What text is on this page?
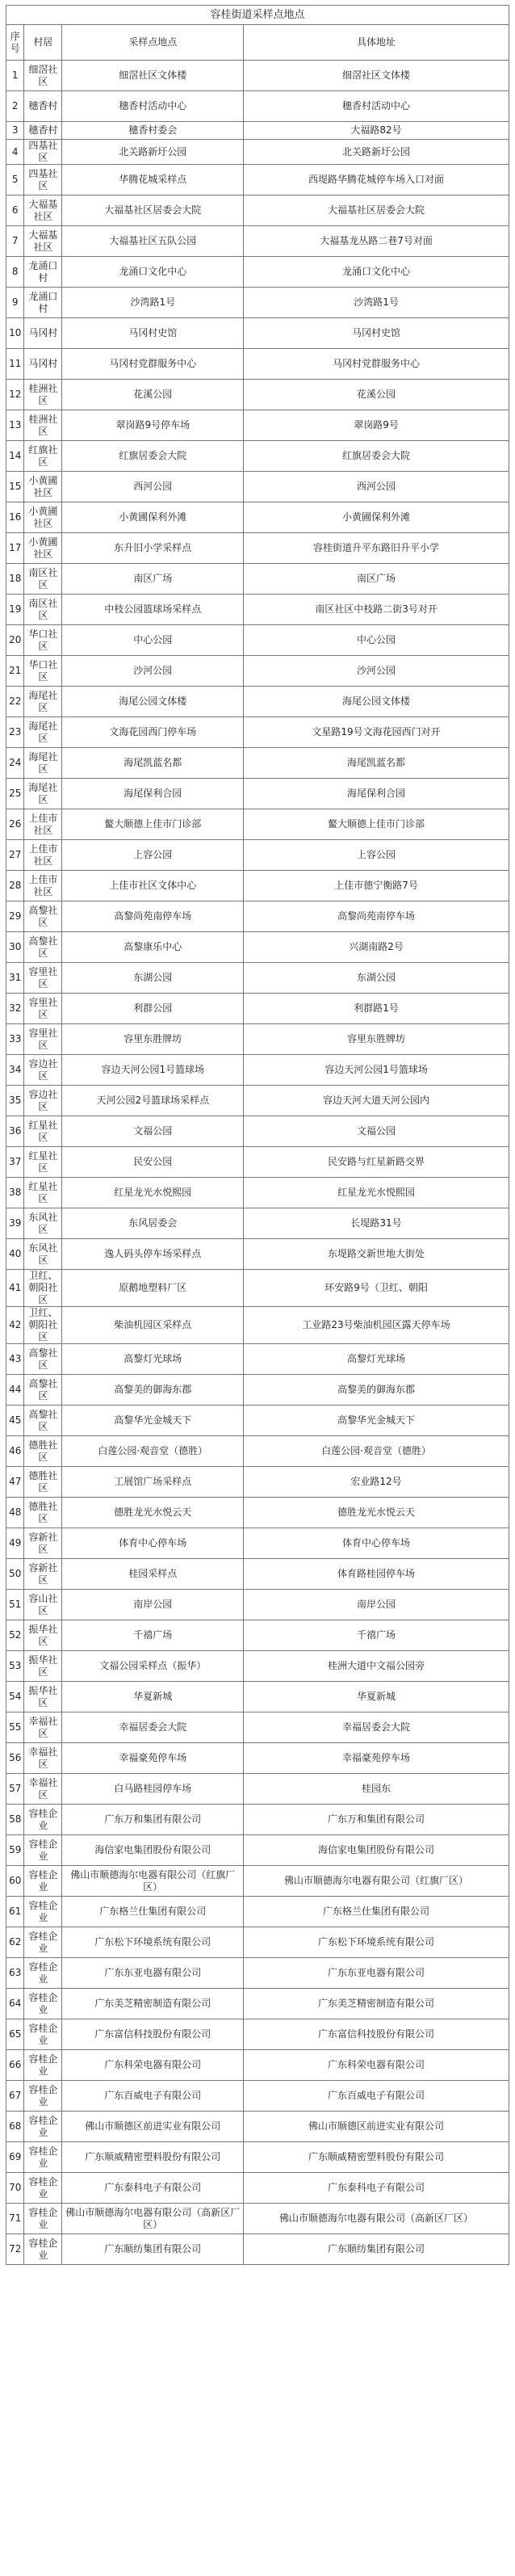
容桂街道采样点地点			
序号	村居	采样点地点	具体地址
1	细滘社区	细滘社区文体楼	细滘社区文体楼
2	穗香村	穗香村活动中心	穗香村活动中心
3	穗香村	穗香村委会	大福路82号
4	四基社区	北关路新圩公园	北关路新圩公园
5	四基社区	华腾花城采样点	西堤路华腾花城停车场入口对面
6	大福基社区	大福基社区居委会大院	大福基社区居委会大院
7	大福基社区	大福基社区五队公园	大福基龙丛路二巷7号对面
8	龙涌口村	龙涌口文化中心	龙涌口文化中心
9	龙涌口村	沙湾路1号	沙湾路1号
10	马冈村	马冈村史馆	马冈村史馆
11	马冈村	马冈村党群服务中心	马冈村党群服务中心
12	桂洲社区	花溪公园	花溪公园
13	桂洲社区	翠岗路9号停车场	翠岗路9号
14	红旗社区	红旗居委会大院	红旗居委会大院
15	小黄圃社区	西河公园	西河公园
16	小黄圃社区	小黄圃保利外滩	小黄圃保利外滩
17	小黄圃社区	东升旧小学采样点	容桂街道升平东路旧升平小学
18	南区社区	南区广场	南区广场
19	南区社区	中枝公园篮球场采样点	南区社区中枝路二街3号对开
20	华口社区	中心公园	中心公园
21	华口社区	沙河公园	沙河公园
22	海尾社区	海尾公园文体楼	海尾公园文体楼
23	海尾社区	文海花园西门停车场	文星路19号文海花园西门对开
24	海尾社区	海尾凯蓝名都	海尾凯蓝名都
25	海尾社区	海尾保利合园	海尾保利合园
26	上佳市社区	鳌大顺德上佳市门诊部	鳌大顺德上佳市门诊部
27	上佳市社区	上容公园	上容公园
28	上佳市社区	上佳市社区文体中心	上佳市德宁衡路7号
29	高黎社区	高黎尚苑南停车场	高黎尚苑南停车场
30	高黎社区	高黎康乐中心	兴湖南路2号
31	容里社区	东湖公园	东湖公园
32	容里社区	利群公园	利群路1号
33	容里社区	容里东胜牌坊	容里东胜牌坊
34	容边社区	容边天河公园1号篮球场	容边天河公园1号篮球场
35	容边社区	天河公园2号篮球场采样点	容边天河大道天河公园内
36	红星社区	文福公园	文福公园
37	红星社区	民安公园	民安路与红星新路交界
38	红星社区	红星龙光水悦熙园	红星龙光水悦熙园
39	东风社区	东风居委会	长堤路31号
40	东风社区	逸人码头停车场采样点	东堤路交新世地大街处
41	卫红、朝阳社区	原鹅地塑料厂区	环安路9号（卫红、朝阳
42	卫红、朝阳社区	柴油机园区采样点	工业路23号柴油机园区露天停车场
43	高黎社区	高黎灯光球场	高黎灯光球场
44	高黎社区	高黎美的御海东郡	高黎美的御海东郡
45	高黎社区	高黎华光金城天下	高黎华光金城天下
46	德胜社区	白莲公园·观音堂（德胜）	白莲公园·观音堂（德胜）
47	德胜社区	工展馆广场采样点	宏业路12号
48	德胜社区	德胜龙光水悦云天	德胜龙光水悦云天
49	容新社区	体育中心停车场	体育中心停车场
50	容新社区	桂园采样点	体育路桂园停车场
51	容山社区	南岸公园	南岸公园
52	振华社区	千禧广场	千禧广场
53	振华社区	文福公园采样点（振华）	桂洲大道中文福公园旁
54	振华社区	华夏新城	华夏新城
55	幸福社区	幸福居委会大院	幸福居委会大院
56	幸福社区	幸福豪苑停车场	幸福豪苑停车场
57	幸福社区	白马路桂园停车场	桂园东
58	容桂企业	广东万和集团有限公司	广东万和集团有限公司
59	容桂企业	海信家电集团股份有限公司	海信家电集团股份有限公司
60	容桂企业	佛山市顺德海尔电器有限公司（红旗厂区）	佛山市顺德海尔电器有限公司（红旗厂区）
61	容桂企业	广东格兰仕集团有限公司	广东格兰仕集团有限公司
62	容桂企业	广东松下环境系统有限公司	广东松下环境系统有限公司
63	容桂企业	广东东亚电器有限公司	广东东亚电器有限公司
64	容桂企业	广东美芝精密制造有限公司	广东美芝精密制造有限公司
65	容桂企业	广东富信科技股份有限公司	广东富信科技股份有限公司
66	容桂企业	广东科荣电器有限公司	广东科荣电器有限公司
67	容桂企业	广东百威电子有限公司	广东百威电子有限公司
68	容桂企业	佛山市顺德区前进实业有限公司	佛山市顺德区前进实业有限公司
69	容桂企业	广东顺威精密塑料股份有限公司	广东顺威精密塑料股份有限公司
70	容桂企业	广东泰科电子有限公司	广东泰科电子有限公司
71	容桂企业	佛山市顺德海尔电器有限公司（高新区厂区）	佛山市顺德海尔电器有限公司（高新区厂区）
72	容桂企业	广东顺纺集团有限公司	广东顺纺集团有限公司
